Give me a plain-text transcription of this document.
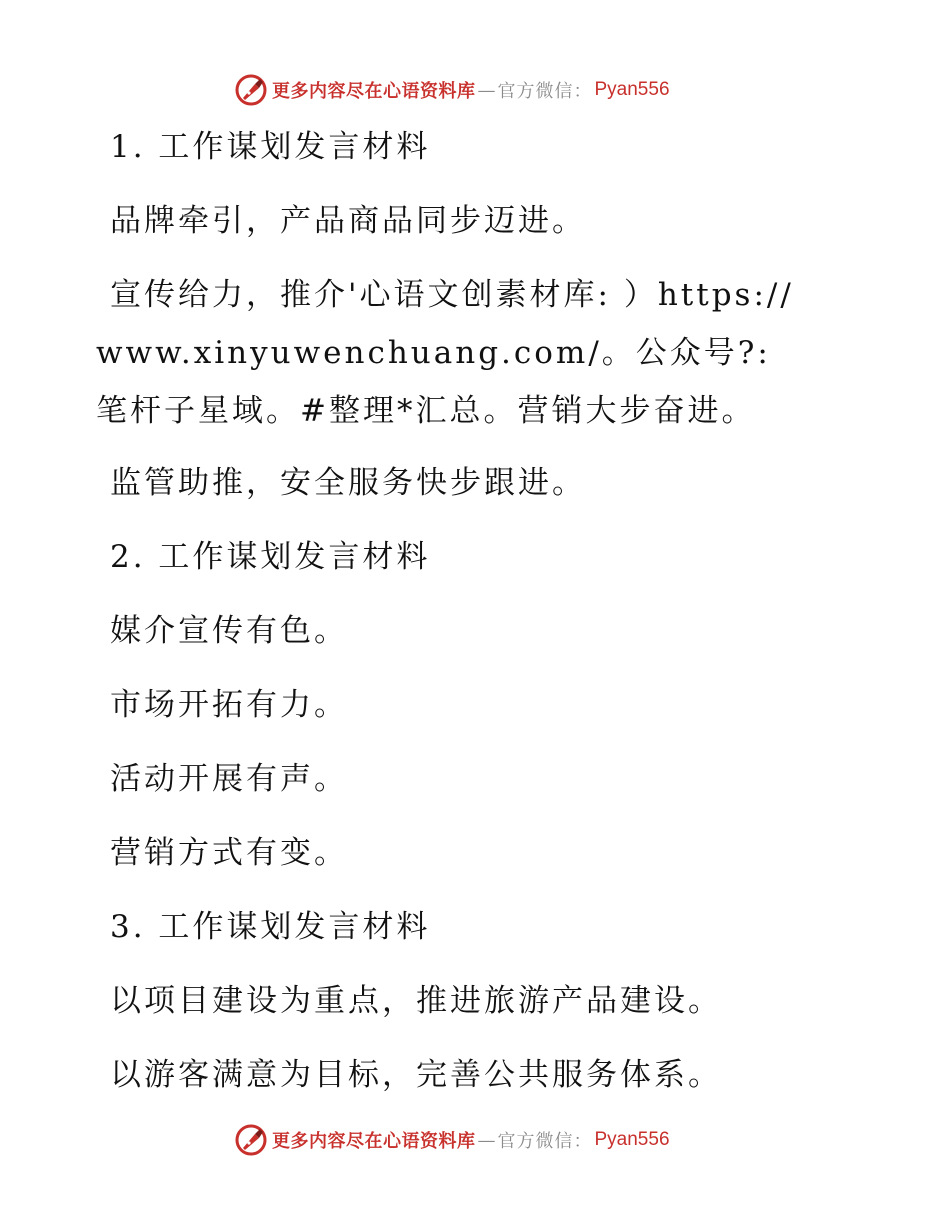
更多内容尽在心语资料库 — 官方微信： Pyan556

1. 工作谋划发言材料

品牌牵引，产品商品同步迈进。

宣传给力，推介'心语文创素材库: ）https://www.xinyuwenchuang.com/。公众号?: 笔杆子星域。#整理*汇总。营销大步奋进。

监管助推，安全服务快步跟进。

2. 工作谋划发言材料

媒介宣传有色。

市场开拓有力。

活动开展有声。

营销方式有变。

3. 工作谋划发言材料

以项目建设为重点，推进旅游产品建设。

以游客满意为目标，完善公共服务体系。

更多内容尽在心语资料库 — 官方微信： Pyan556
